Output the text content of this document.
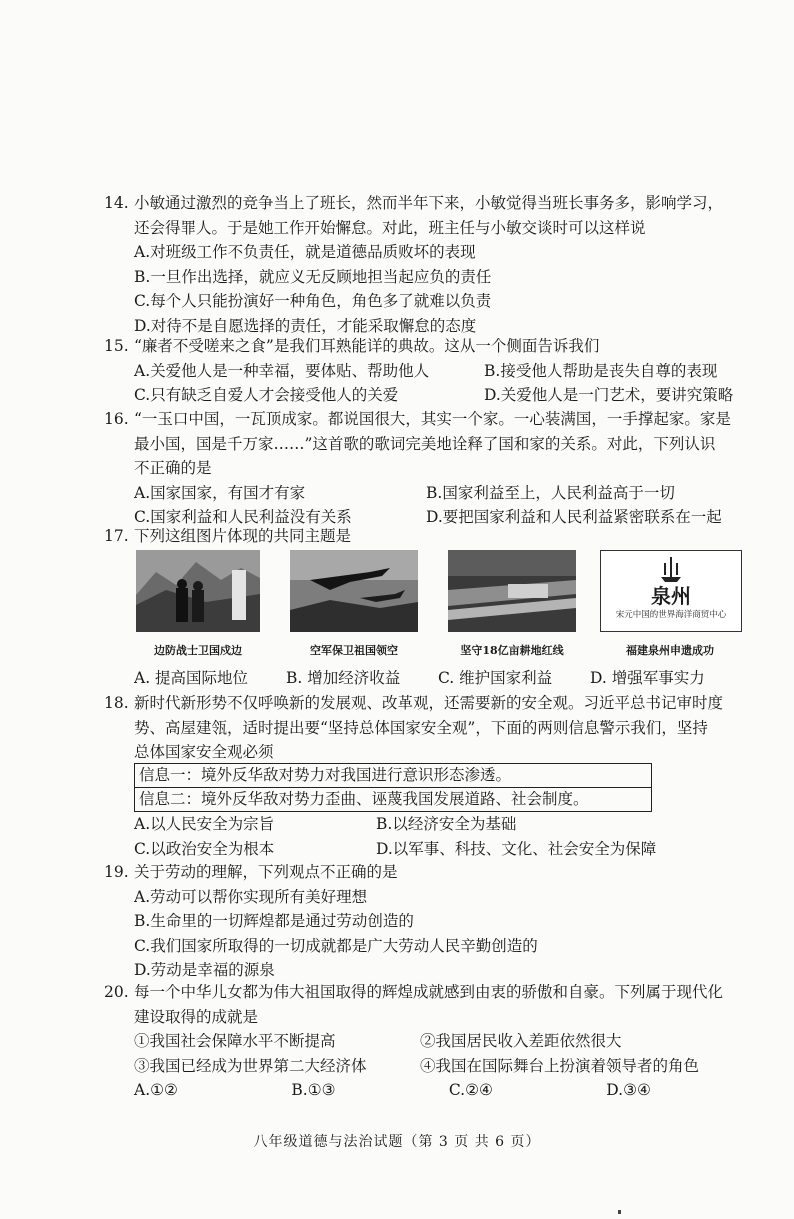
14. 小敏通过激烈的竞争当上了班长，然而半年下来，小敏觉得当班长事务多，影响学习，
还会得罪人。于是她工作开始懈怠。对此，班主任与小敏交谈时可以这样说
A.对班级工作不负责任，就是道德品质败坏的表现
B.一旦作出选择，就应义无反顾地担当起应负的责任
C.每个人只能扮演好一种角色，角色多了就难以负责
D.对待不是自愿选择的责任，才能采取懈怠的态度
15. “廉者不受嗟来之食”是我们耳熟能详的典故。这从一个侧面告诉我们
A.关爱他人是一种幸福，要体贴、帮助他人	B.接受他人帮助是丧失自尊的表现
C.只有缺乏自爱人才会接受他人的关爱	D.关爱他人是一门艺术，要讲究策略
16. “一玉口中国，一瓦顶成家。都说国很大，其实一个家。一心装满国，一手撑起家。家是
最小国，国是千万家……”这首歌的歌词完美地诠释了国和家的关系。对此，下列认识
不正确的是
A.国家国家，有国才有家	B.国家利益至上，人民利益高于一切
C.国家利益和人民利益没有关系	D.要把国家利益和人民利益紧密联系在一起
17. 下列这组图片体现的共同主题是
泉州
宋元中国的世界海洋商贸中心
边防战士卫国戍边	空军保卫祖国领空	坚守18亿亩耕地红线	福建泉州申遗成功
A. 提高国际地位	B. 增加经济收益	C. 维护国家利益	D. 增强军事实力
18. 新时代新形势不仅呼唤新的发展观、改革观，还需要新的安全观。习近平总书记审时度
势、高屋建瓴，适时提出要“坚持总体国家安全观”，下面的两则信息警示我们，坚持
总体国家安全观必须
信息一：境外反华敌对势力对我国进行意识形态渗透。
信息二：境外反华敌对势力歪曲、诬蔑我国发展道路、社会制度。
A.以人民安全为宗旨	B.以经济安全为基础
C.以政治安全为根本	D.以军事、科技、文化、社会安全为保障
19. 关于劳动的理解，下列观点不正确的是
A.劳动可以帮你实现所有美好理想
B.生命里的一切辉煌都是通过劳动创造的
C.我们国家所取得的一切成就都是广大劳动人民辛勤创造的
D.劳动是幸福的源泉
20. 每一个中华儿女都为伟大祖国取得的辉煌成就感到由衷的骄傲和自豪。下列属于现代化
建设取得的成就是
①我国社会保障水平不断提高	②我国居民收入差距依然很大
③我国已经成为世界第二大经济体	④我国在国际舞台上扮演着领导者的角色
A.①②	B.①③	C.②④	D.③④
八年级道德与法治试题（第 3 页 共 6 页）
